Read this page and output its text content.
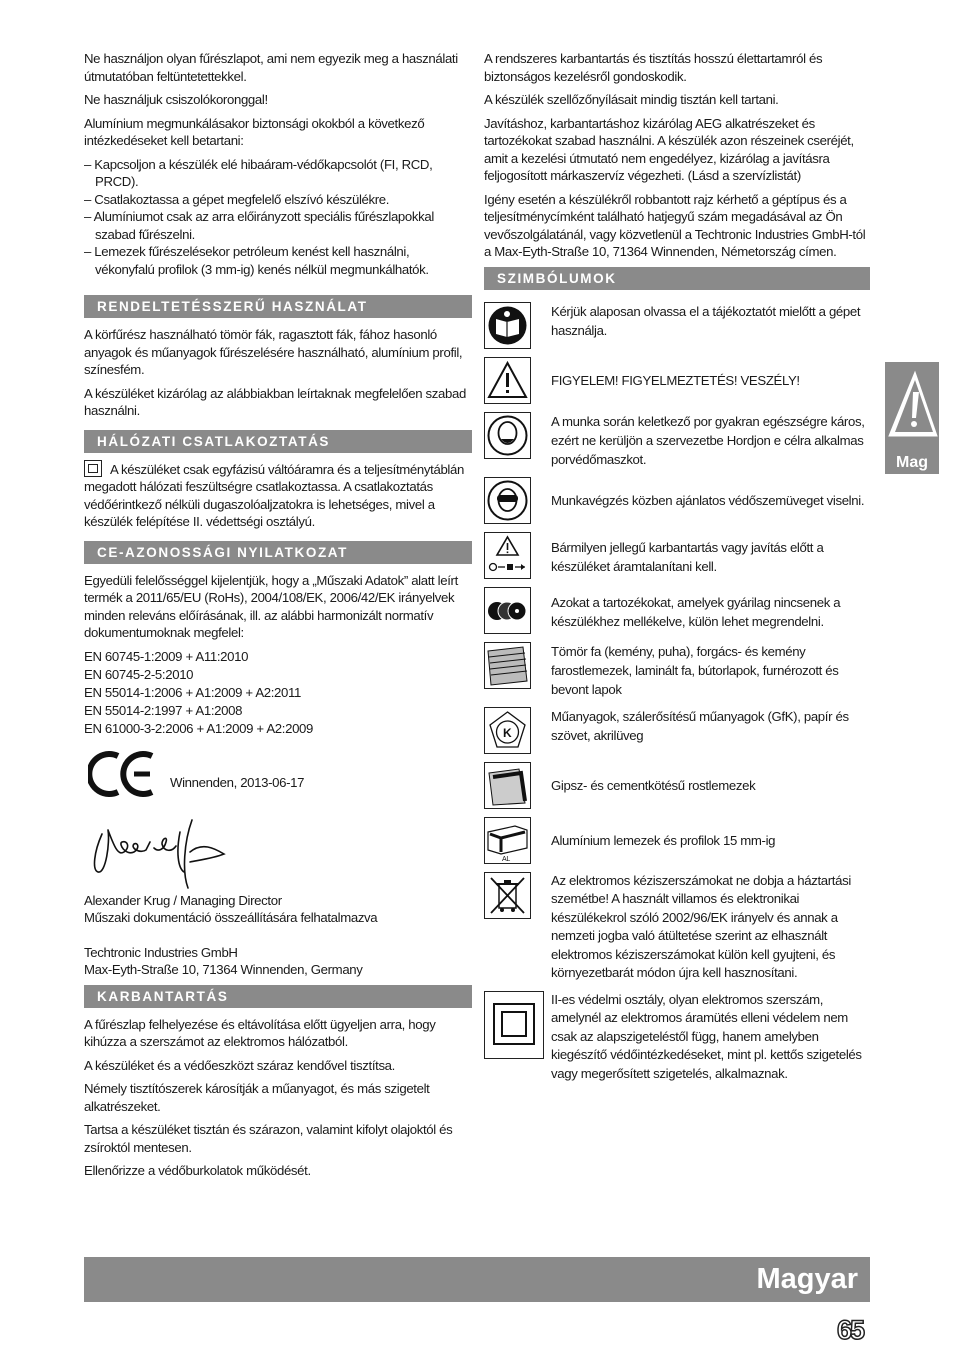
Ne használjon olyan fűrészlapot, ami nem egyezik meg a használati útmutatóban feltüntetettekkel.

Ne használjuk csiszolókoronggal!

Alumínium megmunkálásakor biztonsági okokból a következő intézkedéseket kell betartani:

– Kapcsoljon a készülék elé hibaáram-védőkapcsolót (FI, RCD, PRCD).

– Csatlakoztassa a gépet megfelelő elszívó készülékre.

– Alumíniumot csak az arra előirányzott speciális fűrészlapokkal szabad fűrészelni.

– Lemezek fűrészelésekor petróleum kenést kell használni, vékonyfalú profilok (3 mm-ig) kenés nélkül megmunkálhatók.

RENDELTETÉSSZERŰ HASZNÁLAT

A körfűrész használható tömör fák, ragasztott fák, fához hasonló anyagok és műanyagok fűrészelésére használható, alumínium profil, színesfém.

A készüléket kizárólag az alábbiakban leírtaknak megfelelően szabad használni.

HÁLÓZATI CSATLAKOZTATÁS

A készüléket csak egyfázisú váltóáramra és a teljesítménytáblán megadott hálózati feszültségre csatlakoztassa. A csatlakoztatás védőérintkező nélküli dugaszolóaljzatokra is lehetséges, mivel a készülék felépítése II. védettségi osztályú.

CE-AZONOSSÁGI NYILATKOZAT

Egyedüli felelősséggel kijelentjük, hogy a „Műszaki Adatok” alatt leírt termék a 2011/65/EU (RoHs), 2004/108/EK, 2006/42/EK irányelvek minden releváns előírásának, ill. az alábbi harmonizált normatív dokumentumoknak megfelel:

EN 60745-1:2009 + A11:2010
EN 60745-2-5:2010
EN 55014-1:2006 + A1:2009 + A2:2011
EN 55014-2:1997 + A1:2008
EN 61000-3-2:2006 + A1:2009 + A2:2009
Winnenden, 2013-06-17
Alexander Krug / Managing Director
Műszaki dokumentáció összeállítására felhatalmazva
Techtronic Industries GmbH
Max-Eyth-Straße 10, 71364 Winnenden, Germany
KARBANTARTÁS

A fűrészlap felhelyezése és eltávolítása előtt ügyeljen arra, hogy kihúzza a szerszámot az elektromos hálózatból.

A készüléket és a védőeszközt száraz kendővel tisztítsa.

Némely tisztítószerek károsítják a műanyagot, és más szigetelt alkatrészeket.

Tartsa a készüléket tisztán és szárazon, valamint kifolyt olajoktól és zsíroktól mentesen.

Ellenőrizze a védőburkolatok működését.

A rendszeres karbantartás és tisztítás hosszú élettartamról és biztonságos kezelésről gondoskodik.

A készülék szellőzőnyílásait mindig tisztán kell tartani.

Javításhoz, karbantartáshoz kizárólag AEG alkatrészeket és tartozékokat szabad használni. A készülék azon részeinek cseréjét, amit a kezelési útmutató nem engedélyez, kizárólag a javításra feljogosított márkaszervíz végezheti. (Lásd a szervízlistát)

Igény esetén a készülékről robbantott rajz kérhető a géptípus és a teljesítménycímként található hatjegyű szám megadásával az Ön vevőszolgálatánál, vagy közvetlenül a Techtronic Industries GmbH-tól a Max-Eyth-Straße 10, 71364 Winnenden, Németország címen.

SZIMBÓLUMOK
Kérjük alaposan olvassa el a tájékoztatót mielőtt a gépet használja.
FIGYELEM! FIGYELMEZTETÉS! VESZÉLY!
A munka során keletkező por gyakran egészségre káros, ezért ne kerüljön a szervezetbe Hordjon e célra alkalmas porvédőmaszkot.
Munkavégzés közben ajánlatos védőszemüveget viselni.
Bármilyen jellegű karbantartás vagy javítás előtt a készüléket áramtalanítani kell.
Azokat a tartozékokat, amelyek gyárilag nincsenek a készülékhez mellékelve, külön lehet megrendelni.
Tömör fa (kemény, puha), forgács- és kemény farostlemezek, laminált fa, bútorlapok, furnérozott és bevont lapok
K
Műanyagok, szálerősítésű műanyagok (GfK), papír és szövet, akrilüveg
Gipsz- és cementkötésű rostlemezek
AL
Alumínium lemezek és profilok 15 mm-ig
Az elektromos kéziszerszámokat ne dobja a háztartási szemétbe! A használt villamos és elektronikai készülékekrol szóló 2002/96/EK irányelv és annak a nemzeti jogba való átültetése szerint az elhasznált elektromos kéziszerszámokat külön kell gyujteni, és környezetbarát módon újra kell hasznosítani.
II-es védelmi osztály, olyan elektromos szerszám, amelynél az elektromos áramütés elleni védelem nem csak az alapszigeteléstől függ, hanem amelyben kiegészítő védőintézkedéseket, mint pl. kettős szigetelés vagy megerősített szigetelés, alkalmaznak.
Mag
Magyar
65
